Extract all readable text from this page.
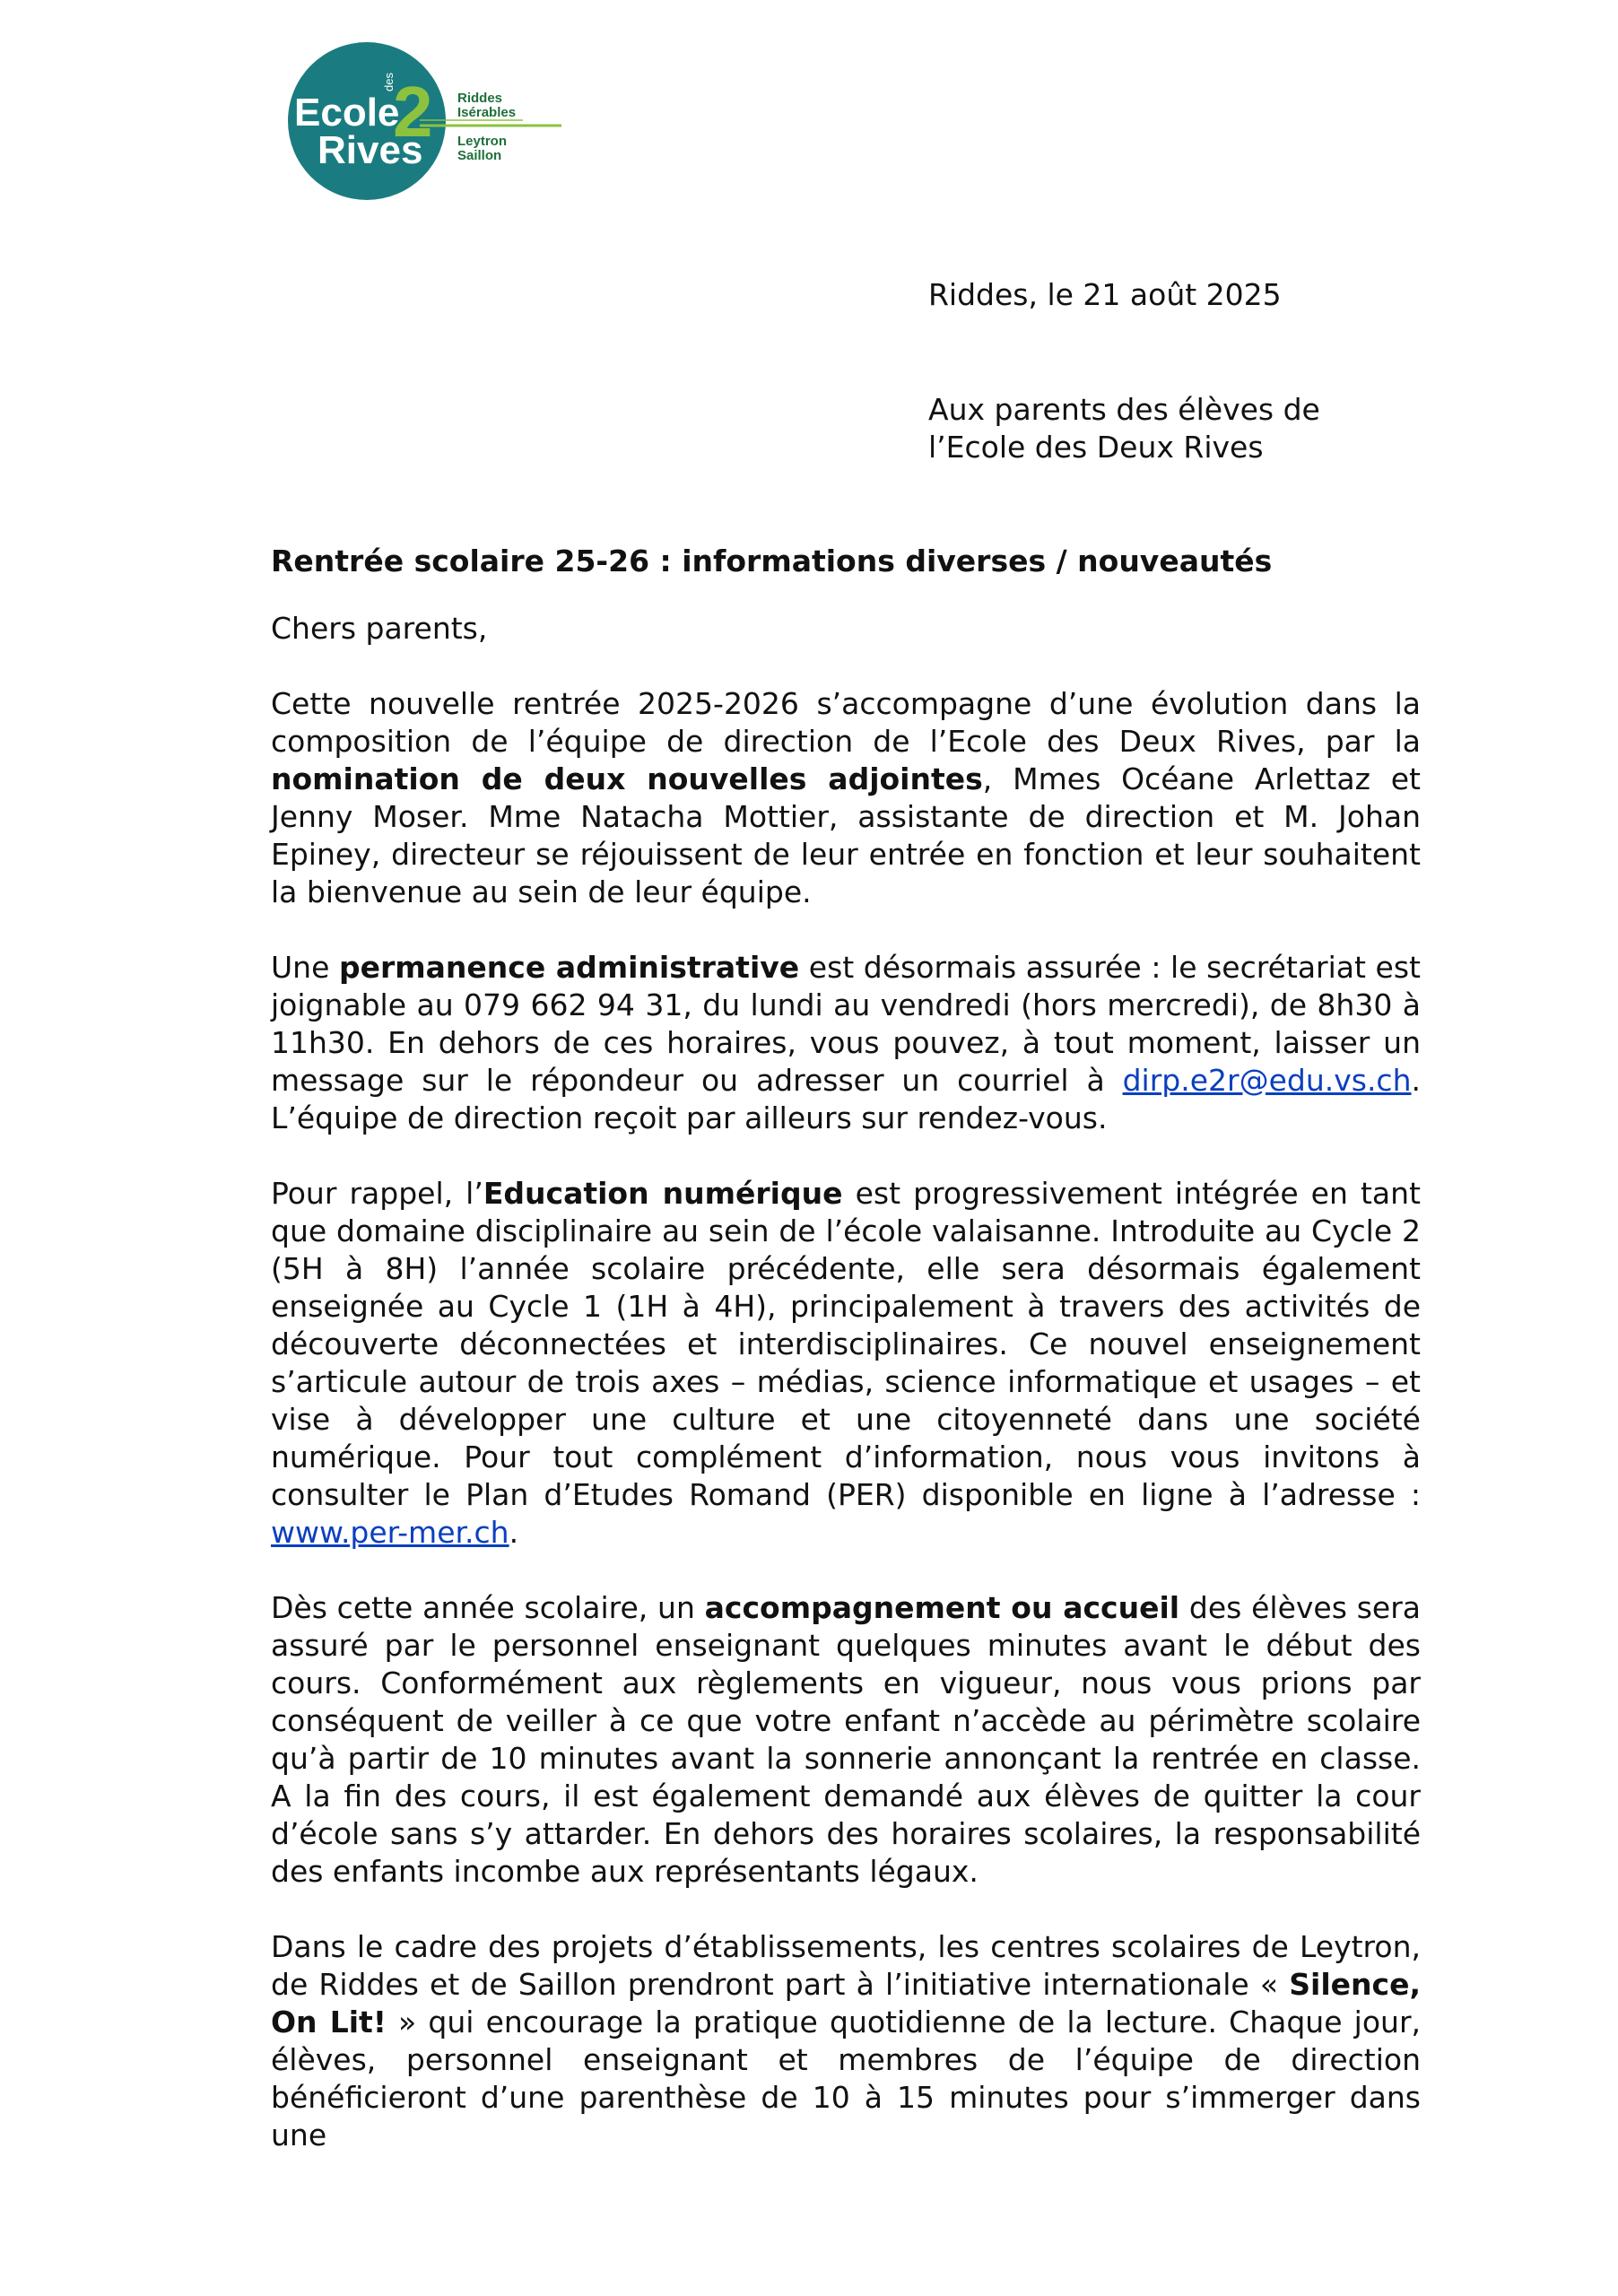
2
Ecole
des
Rives
Riddes
Isérables
Leytron
Saillon
Riddes, le 21 août 2025
Aux parents des élèves de
l’Ecole des Deux Rives

Rentrée scolaire 25-26 : informations diverses / nouveautés

Chers parents,

Cette nouvelle rentrée 2025-2026 s’accompagne d’une évolution dans la composition de l’équipe de direction de l’Ecole des Deux Rives, par la nomination de deux nouvelles adjointes, Mmes Océane Arlettaz et Jenny Moser. Mme Natacha Mottier, assistante de direction et M. Johan Epiney, directeur se réjouissent de leur entrée en fonction et leur souhaitent la bienvenue au sein de leur équipe.

Une permanence administrative est désormais assurée : le secrétariat est joignable au 079 662 94 31, du lundi au vendredi (hors mercredi), de 8h30 à 11h30. En dehors de ces horaires, vous pouvez, à tout moment, laisser un message sur le répondeur ou adresser un courriel à dirp.e2r@edu.vs.ch. L’équipe de direction reçoit par ailleurs sur rendez-vous.

Pour rappel, l’Education numérique est progressivement intégrée en tant que domaine disciplinaire au sein de l’école valaisanne. Introduite au Cycle 2 (5H à 8H) l’année scolaire précédente, elle sera désormais également enseignée au Cycle 1 (1H à 4H), principalement à travers des activités de découverte déconnectées et interdisciplinaires. Ce nouvel enseignement s’articule autour de trois axes – médias, science informatique et usages – et vise à développer une culture et une citoyenneté dans une société numérique. Pour tout complément d’information, nous vous invitons à consulter le Plan d’Etudes Romand (PER) disponible en ligne à l’adresse : www.per-mer.ch.

Dès cette année scolaire, un accompagnement ou accueil des élèves sera assuré par le personnel enseignant quelques minutes avant le début des cours. Conformément aux règlements en vigueur, nous vous prions par conséquent de veiller à ce que votre enfant n’accède au périmètre scolaire qu’à partir de 10 minutes avant la sonnerie annonçant la rentrée en classe. A la fin des cours, il est également demandé aux élèves de quitter la cour d’école sans s’y attarder. En dehors des horaires scolaires, la responsabilité des enfants incombe aux représentants légaux.

Dans le cadre des projets d’établissements, les centres scolaires de Leytron, de Riddes et de Saillon prendront part à l’initiative internationale « Silence, On Lit! » qui encourage la pratique quotidienne de la lecture. Chaque jour, élèves, personnel enseignant et membres de l’équipe de direction bénéficieront d’une parenthèse de 10 à 15 minutes pour s’immerger dans une
